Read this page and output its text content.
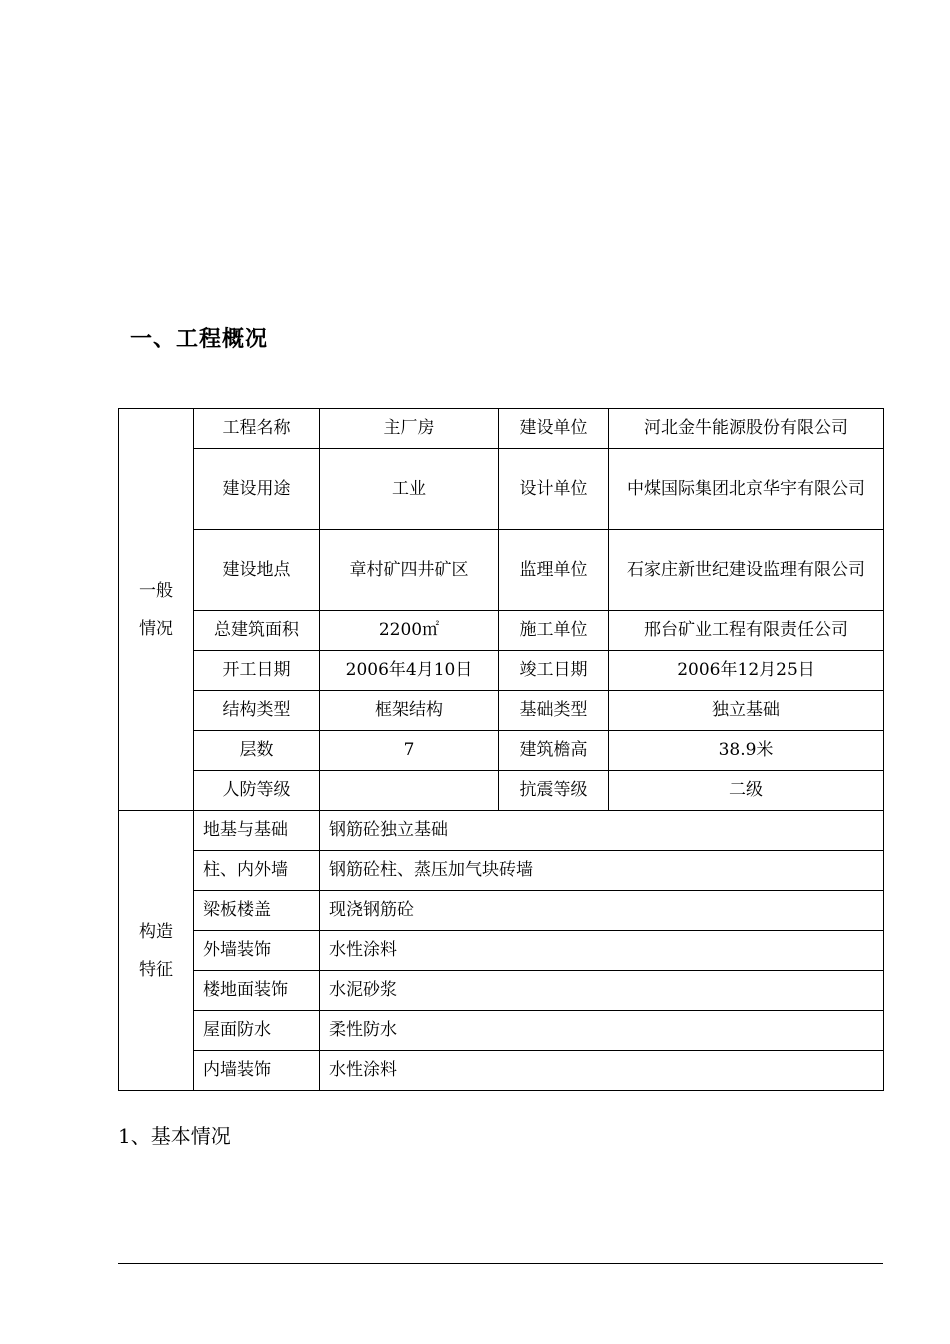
一、工程概况
一般
情况	工程名称	主厂房	建设单位	河北金牛能源股份有限公司
	建设用途	工业	设计单位	中煤国际集团北京华宇有限公司
	建设地点	章村矿四井矿区	监理单位	石家庄新世纪建设监理有限公司
	总建筑面积	2200㎡	施工单位	邢台矿业工程有限责任公司
	开工日期	2006年4月10日	竣工日期	2006年12月25日
	结构类型	框架结构	基础类型	独立基础
	层数	7	建筑檐高	38.9米
	人防等级		抗震等级	二级
构造
特征	地基与基础	钢筋砼独立基础		
	柱、内外墙	钢筋砼柱、蒸压加气块砖墙		
	梁板楼盖	现浇钢筋砼		
	外墙装饰	水性涂料		
	楼地面装饰	水泥砂浆		
	屋面防水	柔性防水		
	内墙装饰	水性涂料		
1、基本情况
